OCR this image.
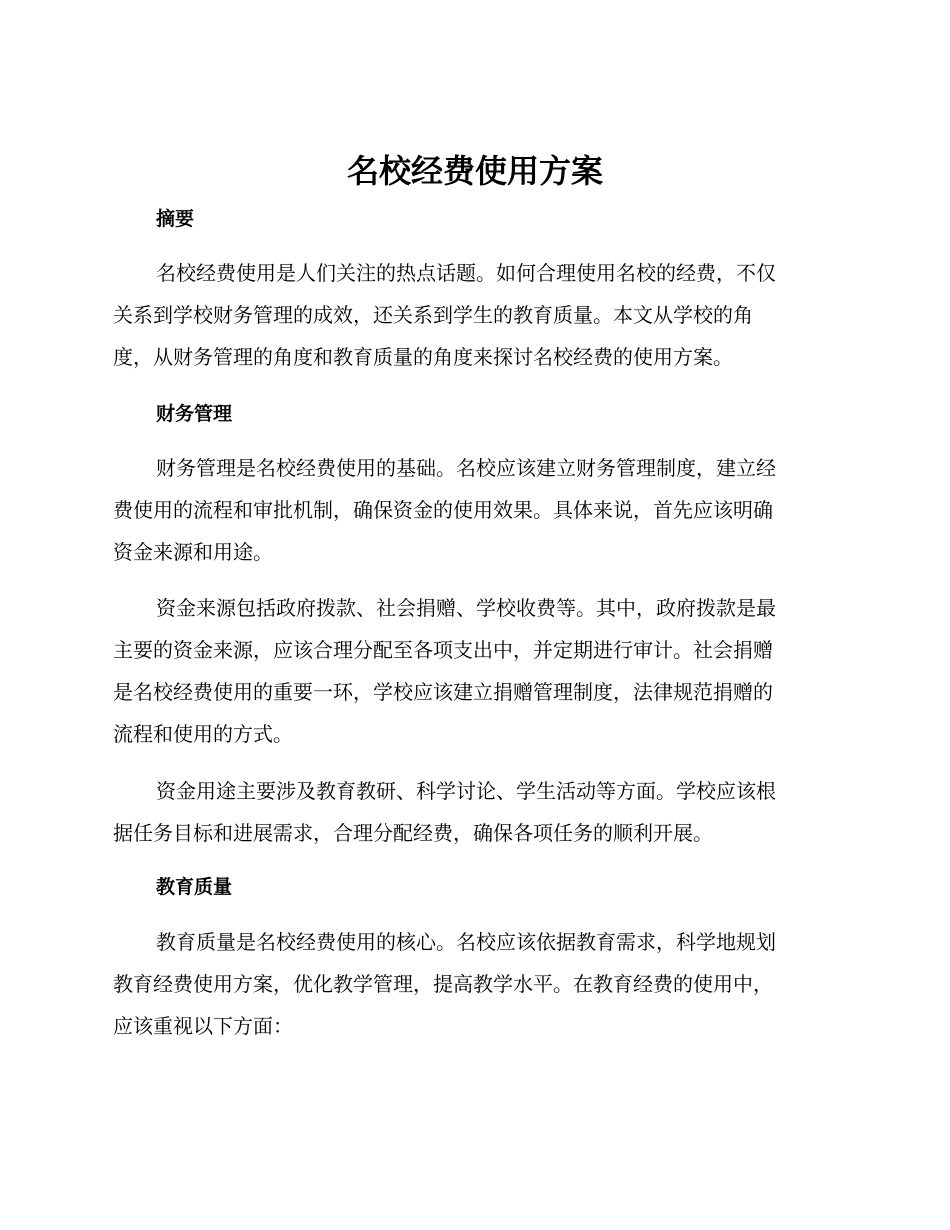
名校经费使用方案
摘要
名校经费使用是人们关注的热点话题。如何合理使用名校的经费，不仅
关系到学校财务管理的成效，还关系到学生的教育质量。本文从学校的角
度，从财务管理的角度和教育质量的角度来探讨名校经费的使用方案。
财务管理
财务管理是名校经费使用的基础。名校应该建立财务管理制度，建立经
费使用的流程和审批机制，确保资金的使用效果。具体来说，首先应该明确
资金来源和用途。
资金来源包括政府拨款、社会捐赠、学校收费等。其中，政府拨款是最
主要的资金来源，应该合理分配至各项支出中，并定期进行审计。社会捐赠
是名校经费使用的重要一环，学校应该建立捐赠管理制度，法律规范捐赠的
流程和使用的方式。
资金用途主要涉及教育教研、科学讨论、学生活动等方面。学校应该根
据任务目标和进展需求，合理分配经费，确保各项任务的顺利开展。
教育质量
教育质量是名校经费使用的核心。名校应该依据教育需求，科学地规划
教育经费使用方案，优化教学管理，提高教学水平。在教育经费的使用中，
应该重视以下方面：
